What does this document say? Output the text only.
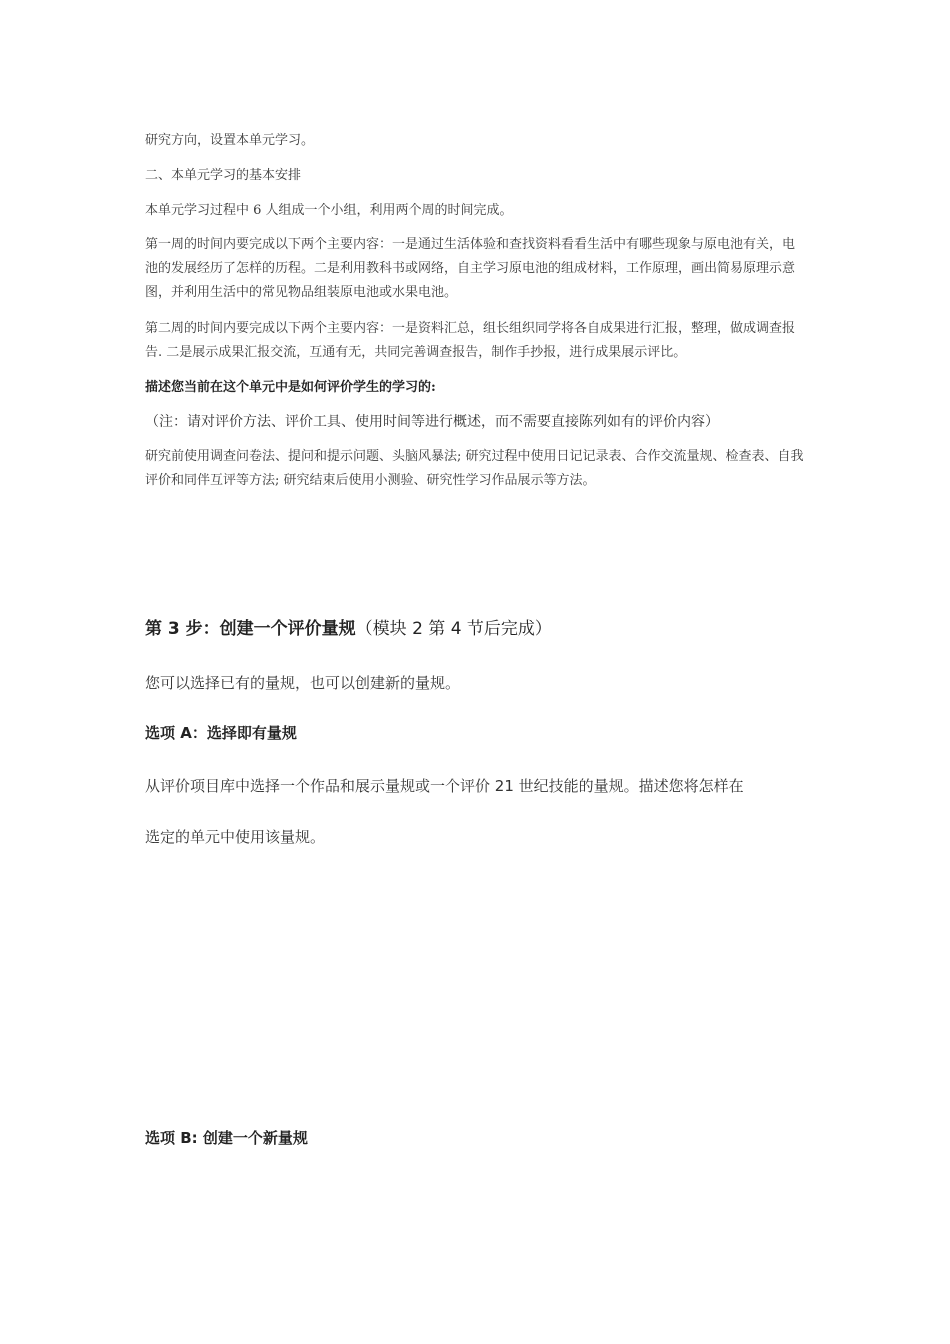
研究方向，设置本单元学习。

二、本单元学习的基本安排

本单元学习过程中 6 人组成一个小组，利用两个周的时间完成。

第一周的时间内要完成以下两个主要内容：一是通过生活体验和查找资料看看生活中有哪些现象与原电池有关，电池的发展经历了怎样的历程。二是利用教科书或网络，自主学习原电池的组成材料，工作原理，画出简易原理示意图，并利用生活中的常见物品组装原电池或水果电池。

第二周的时间内要完成以下两个主要内容：一是资料汇总，组长组织同学将各自成果进行汇报，整理，做成调查报告. 二是展示成果汇报交流，互通有无，共同完善调查报告，制作手抄报，进行成果展示评比。

描述您当前在这个单元中是如何评价学生的学习的:

（注：请对评价方法、评价工具、使用时间等进行概述，而不需要直接陈列如有的评价内容）

研究前使用调查问卷法、提问和提示问题、头脑风暴法; 研究过程中使用日记记录表、合作交流量规、检查表、自我评价和同伴互评等方法; 研究结束后使用小测验、研究性学习作品展示等方法。

第 3 步：创建一个评价量规（模块 2 第 4 节后完成）

您可以选择已有的量规，也可以创建新的量规。

选项 A：选择即有量规

从评价项目库中选择一个作品和展示量规或一个评价 21 世纪技能的量规。描述您将怎样在

选定的单元中使用该量规。

选项 B: 创建一个新量规
